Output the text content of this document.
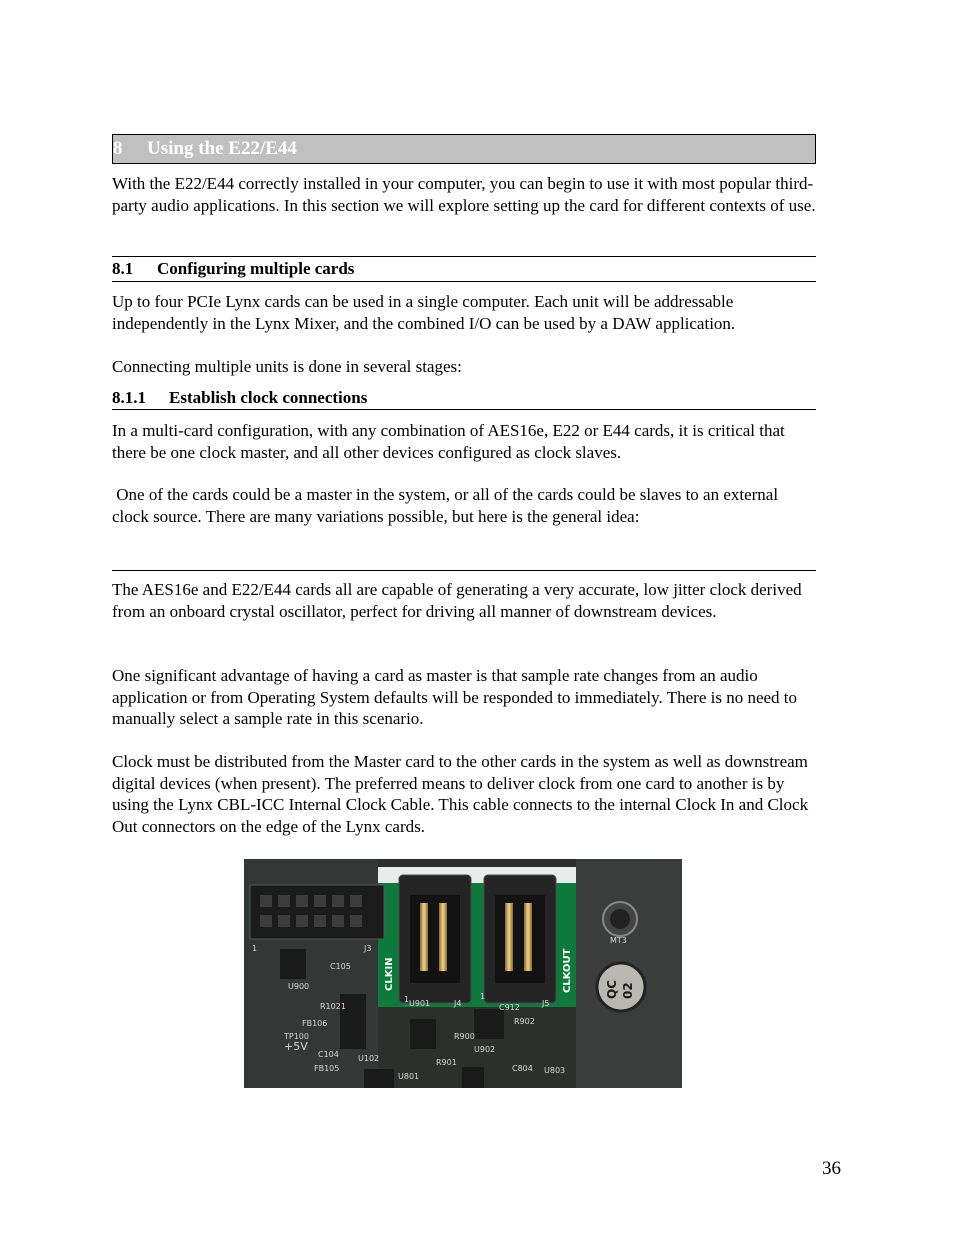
8 Using the E22/E44

With the E22/E44 correctly installed in your computer, you can begin to use it with most popular third-party audio applications. In this section we will explore setting up the card for different contexts of use.

8.1 Configuring multiple cards

Up to four PCIe Lynx cards can be used in a single computer. Each unit will be addressable independently in the Lynx Mixer, and the combined I/O can be used by a DAW application.

Connecting multiple units is done in several stages:

8.1.1 Establish clock connections

In a multi-card configuration, with any combination of AES16e, E22 or E44 cards, it is critical that there be one clock master, and all other devices configured as clock slaves.

One of the cards could be a master in the system, or all of the cards could be slaves to an external clock source. There are many variations possible, but here is the general idea:

The AES16e and E22/E44 cards all are capable of generating a very accurate, low jitter clock derived from an onboard crystal oscillator, perfect for driving all manner of downstream devices.

One significant advantage of having a card as master is that sample rate changes from an audio application or from Operating System defaults will be responded to immediately. There is no need to manually select a sample rate in this scenario.

Clock must be distributed from the Master card to the other cards in the system as well as downstream digital devices (when present). The preferred means to deliver clock from one card to another is by using the Lynx CBL-ICC Internal Clock Cable. This cable connects to the internal Clock In and Clock Out connectors on the edge of the Lynx cards.

1	J3
U900
C105
R1021
FB106
TP100
+5V
C104
FB105
U102	R901
U902
R902
U801
C804 U803
R900
U901	J4	C912	J5
1	1
MT3
CLKIN	CLKOUT	QC 02
36
